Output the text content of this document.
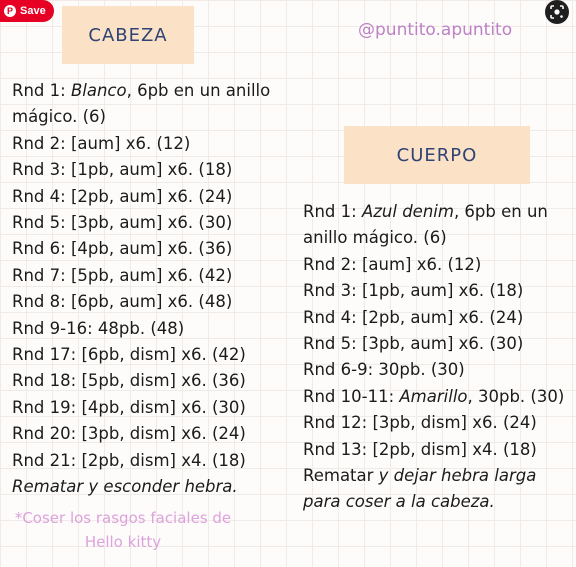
P Save
CABEZA	@puntito.apuntito
CUERPO
Rnd 1: Blanco, 6pb en un anillo mágico. (6)
Rnd 2: [aum] x6. (12)
Rnd 3: [1pb, aum] x6. (18)
Rnd 4: [2pb, aum] x6. (24)
Rnd 5: [3pb, aum] x6. (30)
Rnd 6: [4pb, aum] x6. (36)
Rnd 7: [5pb, aum] x6. (42)
Rnd 8: [6pb, aum] x6. (48)
Rnd 9-16: 48pb. (48)
Rnd 17: [6pb, dism] x6. (42)
Rnd 18: [5pb, dism] x6. (36)
Rnd 19: [4pb, dism] x6. (30)
Rnd 20: [3pb, dism] x6. (24)
Rnd 21: [2pb, dism] x4. (18)
Rematar y esconder hebra.
*Coser los rasgos faciales de Hello kitty
Rnd 1: Azul denim, 6pb en un anillo mágico. (6)
Rnd 2: [aum] x6. (12)
Rnd 3: [1pb, aum] x6. (18)
Rnd 4: [2pb, aum] x6. (24)
Rnd 5: [3pb, aum] x6. (30)
Rnd 6-9: 30pb. (30)
Rnd 10-11: Amarillo, 30pb. (30)
Rnd 12: [3pb, dism] x6. (24)
Rnd 13: [2pb, dism] x4. (18)
Rematar y dejar hebra larga para coser a la cabeza.
